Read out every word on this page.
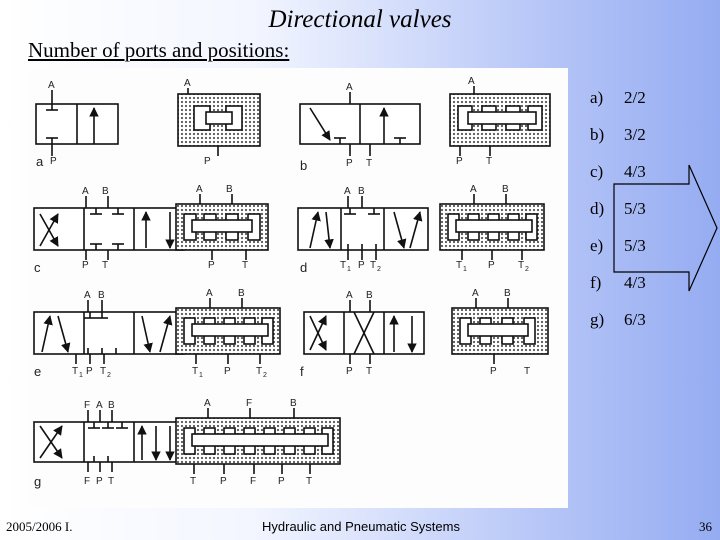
Directional valves
Number of ports and positions:
a	b
c	d
e	f
g
A
P
A
P
A
P T
A
P T
A B
P T
A B
P	T
A B
T 1 P T 2
A	B
T 1 P T 2
A B
T 1 P T 2
A	B
T 1 P	T 2
A B
P T
A	B
P	T
F A B
F P T
A	F	B
T P F P T
a) 2/2
b) 3/2
c) 4/3
d) 5/3
e) 5/3
f) 4/3
g) 6/3
2005/2006 I.	Hydraulic and Pneumatic Systems	36
